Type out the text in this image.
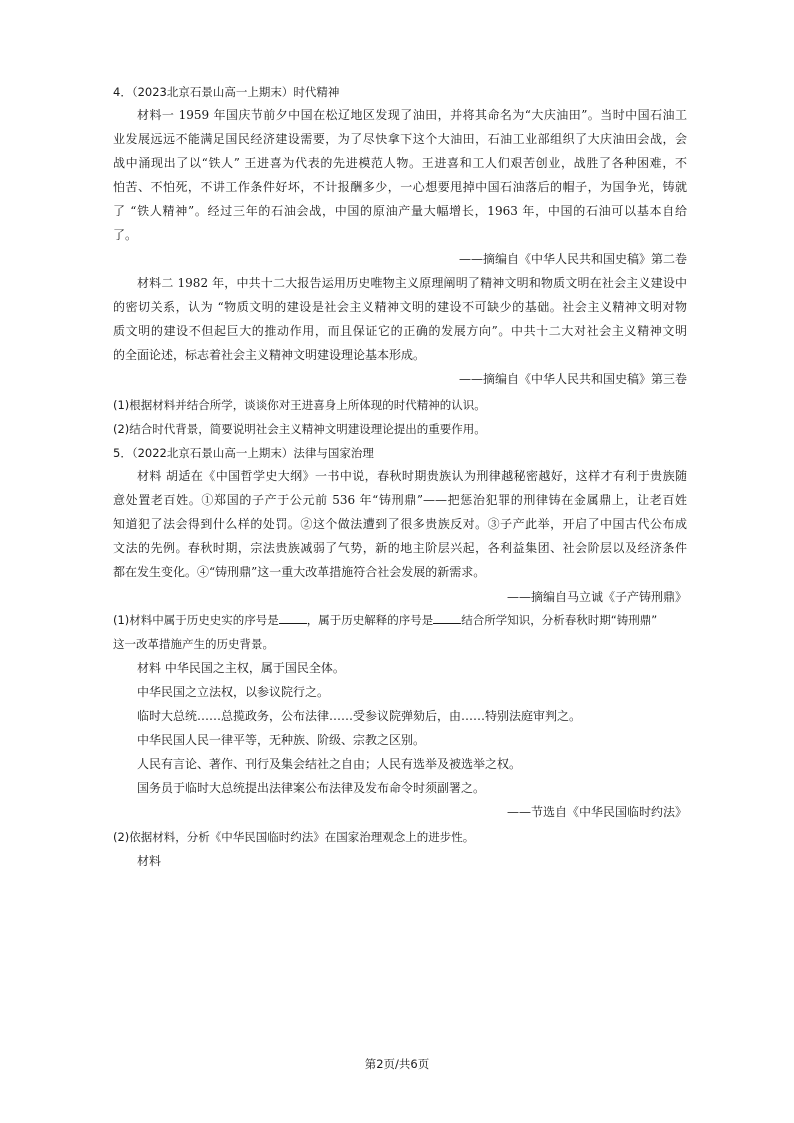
4．（2023北京石景山高一上期末）时代精神
材料一 1959 年国庆节前夕中国在松辽地区发现了油田，并将其命名为“大庆油田”。当时中国石油工
业发展远远不能满足国民经济建设需要，为了尽快拿下这个大油田，石油工业部组织了大庆油田会战，会
战中涌现出了以“铁人” 王进喜为代表的先进模范人物。王进喜和工人们艰苦创业，战胜了各种困难，不
怕苦、不怕死，不讲工作条件好坏，不计报酬多少，一心想要甩掉中国石油落后的帽子，为国争光，铸就
了 “铁人精神”。经过三年的石油会战，中国的原油产量大幅增长，1963 年，中国的石油可以基本自给
了。
——摘编自《中华人民共和国史稿》第二卷
材料二 1982 年，中共十二大报告运用历史唯物主义原理阐明了精神文明和物质文明在社会主义建设中
的密切关系，认为 “物质文明的建设是社会主义精神文明的建设不可缺少的基础。社会主义精神文明对物
质文明的建设不但起巨大的推动作用，而且保证它的正确的发展方向”。中共十二大对社会主义精神文明
的全面论述，标志着社会主义精神文明建设理论基本形成。
——摘编自《中华人民共和国史稿》第三卷
(1)根据材料并结合所学，谈谈你对王进喜身上所体现的时代精神的认识。
(2)结合时代背景，简要说明社会主义精神文明建设理论提出的重要作用。
5．（2022北京石景山高一上期末）法律与国家治理
材料 胡适在《中国哲学史大纲》一书中说，春秋时期贵族认为刑律越秘密越好，这样才有利于贵族随
意处置老百姓。①郑国的子产于公元前 536 年“铸刑鼎”——把惩治犯罪的刑律铸在金属鼎上，让老百姓
知道犯了法会得到什么样的处罚。②这个做法遭到了很多贵族反对。③子产此举，开启了中国古代公布成
文法的先例。春秋时期，宗法贵族减弱了气势，新的地主阶层兴起，各利益集团、社会阶层以及经济条件
都在发生变化。④“铸刑鼎”这一重大改革措施符合社会发展的新需求。
——摘编自马立诚《子产铸刑鼎》
(1)材料中属于历史史实的序号是 ，属于历史解释的序号是 结合所学知识，分析春秋时期“铸刑鼎”
这一改革措施产生的历史背景。
材料 中华民国之主权，属于国民全体。
中华民国之立法权，以参议院行之。
临时大总统……总揽政务，公布法律……受参议院弹劾后，由……特别法庭审判之。
中华民国人民一律平等，无种族、阶级、宗教之区别。
人民有言论、著作、刊行及集会结社之自由；人民有选举及被选举之权。
国务员于临时大总统提出法律案公布法律及发布命令时须副署之。
——节选自《中华民国临时约法》
(2)依据材料，分析《中华民国临时约法》在国家治理观念上的进步性。
材料
第2页/共6页
